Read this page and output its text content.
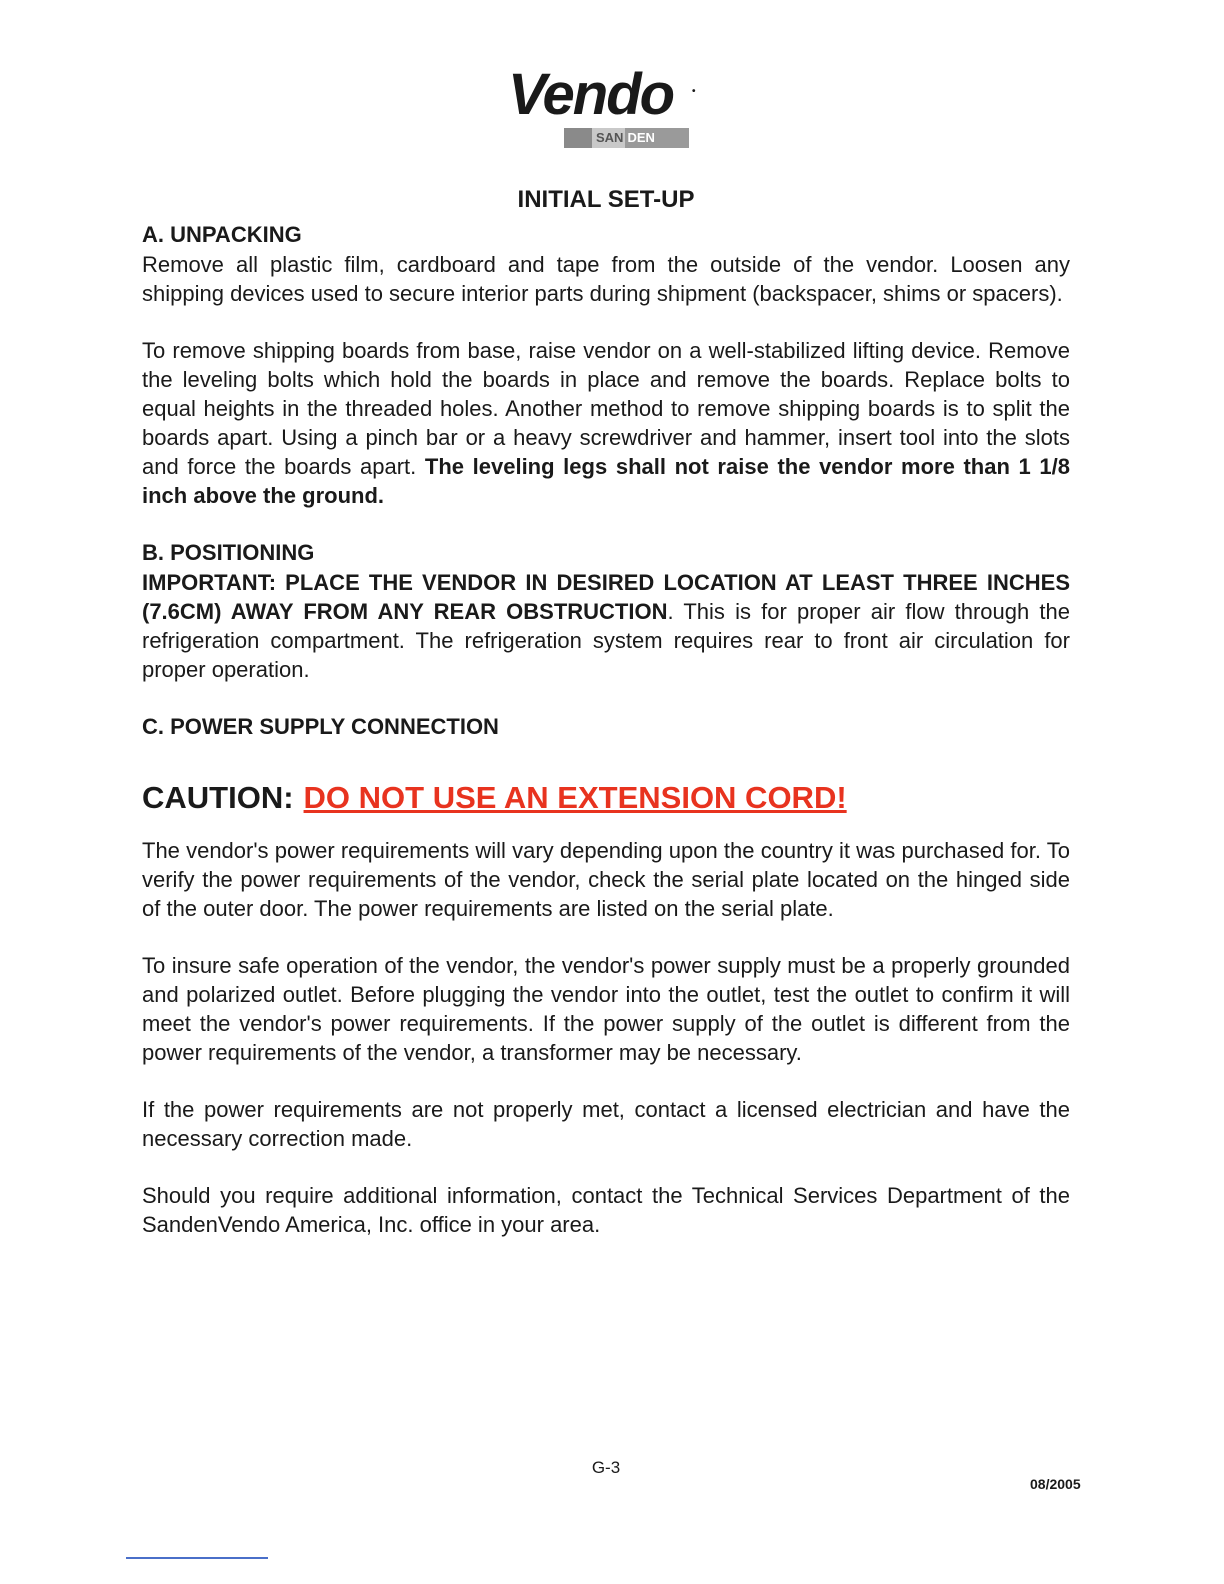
Vendo •
SAN DEN
INITIAL SET-UP
A. UNPACKING

Remove all plastic film, cardboard and tape from the outside of the vendor. Loosen any shipping devices used to secure interior parts during shipment (backspacer, shims or spacers).

To remove shipping boards from base, raise vendor on a well-stabilized lifting device. Remove the leveling bolts which hold the boards in place and remove the boards. Replace bolts to equal heights in the threaded holes. Another method to remove shipping boards is to split the boards apart. Using a pinch bar or a heavy screwdriver and hammer, insert tool into the slots and force the boards apart. The leveling legs shall not raise the vendor more than 1 1/8 inch above the ground.

B. POSITIONING

IMPORTANT: PLACE THE VENDOR IN DESIRED LOCATION AT LEAST THREE INCHES (7.6CM) AWAY FROM ANY REAR OBSTRUCTION. This is for proper air flow through the refrigeration compartment. The refrigeration system requires rear to front air circulation for proper operation.

C. POWER SUPPLY CONNECTION
CAUTION: DO NOT USE AN EXTENSION CORD!

The vendor's power requirements will vary depending upon the country it was purchased for. To verify the power requirements of the vendor, check the serial plate located on the hinged side of the outer door. The power requirements are listed on the serial plate.

To insure safe operation of the vendor, the vendor's power supply must be a properly grounded and polarized outlet. Before plugging the vendor into the outlet, test the outlet to confirm it will meet the vendor's power requirements. If the power supply of the outlet is different from the power requirements of the vendor, a transformer may be necessary.

If the power requirements are not properly met, contact a licensed electrician and have the necessary correction made.

Should you require additional information, contact the Technical Services Department of the SandenVendo America, Inc. office in your area.

G-3
08/2005
